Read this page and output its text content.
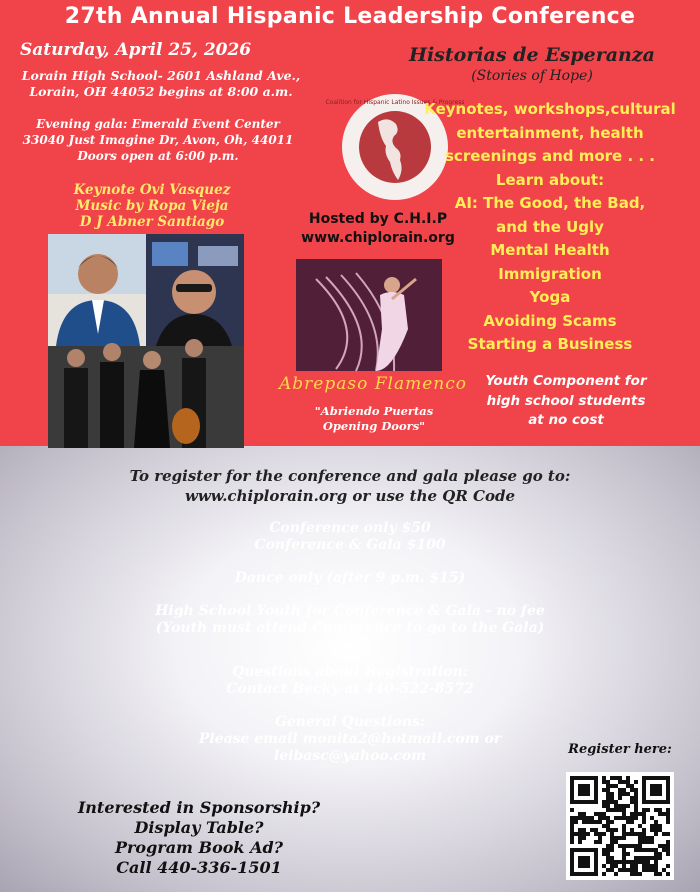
27th Annual Hispanic Leadership Conference
Saturday, April 25, 2026
Lorain High School- 2601 Ashland Ave.,
Lorain, OH 44052 begins at 8:00 a.m.
Evening gala: Emerald Event Center
33040 Just Imagine Dr, Avon, Oh, 44011
Doors open at 6:00 p.m.
Keynote Ovi Vasquez
Music by Ropa Vieja
D J Abner Santiago
Historias de Esperanza
(Stories of Hope)
Coalition for Hispanic Latino Issues & Progress
Keynotes, workshops,cultural
entertainment, health
screenings and more . . .
Learn about:
AI: The Good, the Bad,
and the Ugly
Mental Health
Immigration
Yoga
Avoiding Scams
Starting a Business
Youth Component for
high school students
at no cost
Hosted by C.H.I.P
www.chiplorain.org
Abrepaso Flamenco
"Abriendo Puertas
Opening Doors"
To register for the conference and gala please go to:
www.chiplorain.org or use the QR Code
Conference only $50
Conference & Gala $100
Dance only (after 9 p.m. $15)
High School Youth for Conference & Gala - no fee
(Youth must attend Conference to go to the Gala)
Questions about Registration:
Contact Becky at 440-522-8572
General Questions:
Please email monita2@hotmail.com or
leibasc@yahoo.com
Interested in Sponsorship?
Display Table?
Program Book Ad?
Call 440-336-1501
Register here:
